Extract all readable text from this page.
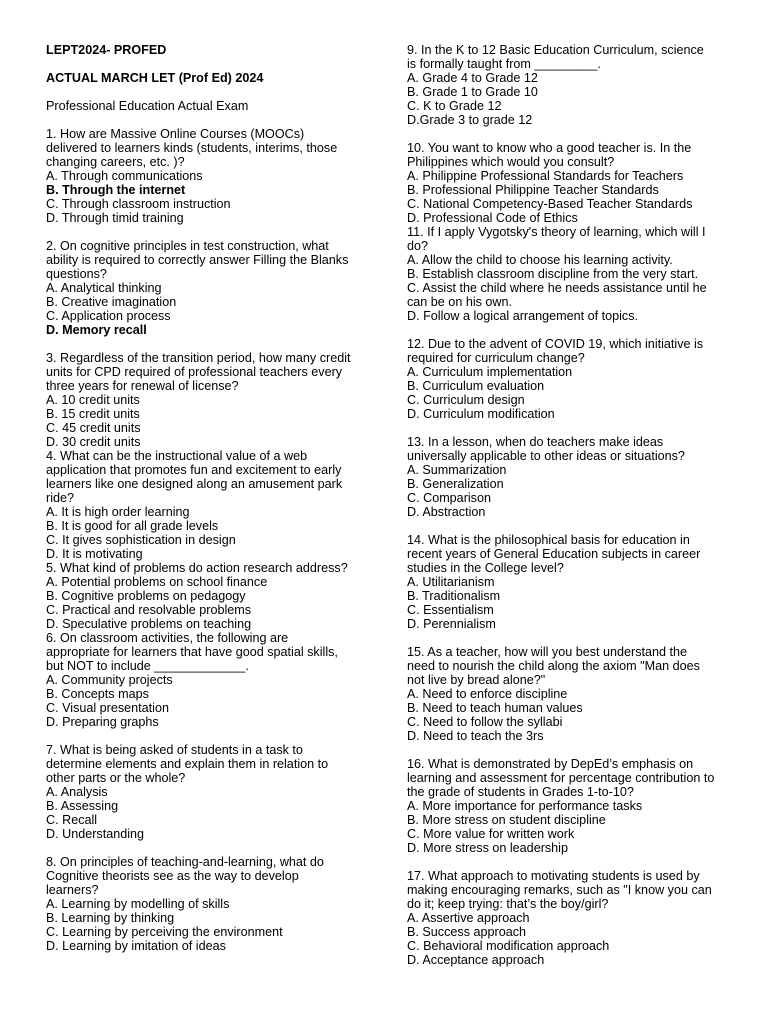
LEPT2024- PROFED
ACTUAL MARCH LET (Prof Ed) 2024
Professional Education Actual Exam
1. How are Massive Online Courses (MOOCs)
delivered to learners kinds (students, interims, those
changing careers, etc. )?
A. Through communications
B. Through the internet
C. Through classroom instruction
D. Through timid training
2. On cognitive principles in test construction, what
ability is required to correctly answer Filling the Blanks
questions?
A. Analytical thinking
B. Creative imagination
C. Application process
D. Memory recall
3. Regardless of the transition period, how many credit
units for CPD required of professional teachers every
three years for renewal of license?
A. 10 credit units
B. 15 credit units
C. 45 credit units
D. 30 credit units
4. What can be the instructional value of a web
application that promotes fun and excitement to early
learners like one designed along an amusement park
ride?
A. It is high order learning
B. It is good for all grade levels
C. It gives sophistication in design
D. It is motivating
5. What kind of problems do action research address?
A. Potential problems on school finance
B. Cognitive problems on pedagogy
C. Practical and resolvable problems
D. Speculative problems on teaching
6. On classroom activities, the following are
appropriate for learners that have good spatial skills,
but NOT to include _____________.
A. Community projects
B. Concepts maps
C. Visual presentation
D. Preparing graphs
7. What is being asked of students in a task to
determine elements and explain them in relation to
other parts or the whole?
A. Analysis
B. Assessing
C. Recall
D. Understanding
8. On principles of teaching-and-learning, what do
Cognitive theorists see as the way to develop
learners?
A. Learning by modelling of skills
B. Learning by thinking
C. Learning by perceiving the environment
D. Learning by imitation of ideas
9. In the K to 12 Basic Education Curriculum, science
is formally taught from _________.
A. Grade 4 to Grade 12
B. Grade 1 to Grade 10
C. K to Grade 12
D.Grade 3 to grade 12
10. You want to know who a good teacher is. In the
Philippines which would you consult?
A. Philippine Professional Standards for Teachers
B. Professional Philippine Teacher Standards
C. National Competency-Based Teacher Standards
D. Professional Code of Ethics
11. If I apply Vygotsky's theory of learning, which will I
do?
A. Allow the child to choose his learning activity.
B. Establish classroom discipline from the very start.
C. Assist the child where he needs assistance until he
can be on his own.
D. Follow a logical arrangement of topics.
12. Due to the advent of COVID 19, which initiative is
required for curriculum change?
A. Curriculum implementation
B. Curriculum evaluation
C. Curriculum design
D. Curriculum modification
13. In a lesson, when do teachers make ideas
universally applicable to other ideas or situations?
A. Summarization
B. Generalization
C. Comparison
D. Abstraction
14. What is the philosophical basis for education in
recent years of General Education subjects in career
studies in the College level?
A. Utilitarianism
B. Traditionalism
C. Essentialism
D. Perennialism
15. As a teacher, how will you best understand the
need to nourish the child along the axiom "Man does
not live by bread alone?"
A. Need to enforce discipline
B. Need to teach human values
C. Need to follow the syllabi
D. Need to teach the 3rs
16. What is demonstrated by DepEd’s emphasis on
learning and assessment for percentage contribution to
the grade of students in Grades 1-to-10?
A. More importance for performance tasks
B. More stress on student discipline
C. More value for written work
D. More stress on leadership
17. What approach to motivating students is used by
making encouraging remarks, such as "I know you can
do it; keep trying: that’s the boy/girl?
A. Assertive approach
B. Success approach
C. Behavioral modification approach
D. Acceptance approach
